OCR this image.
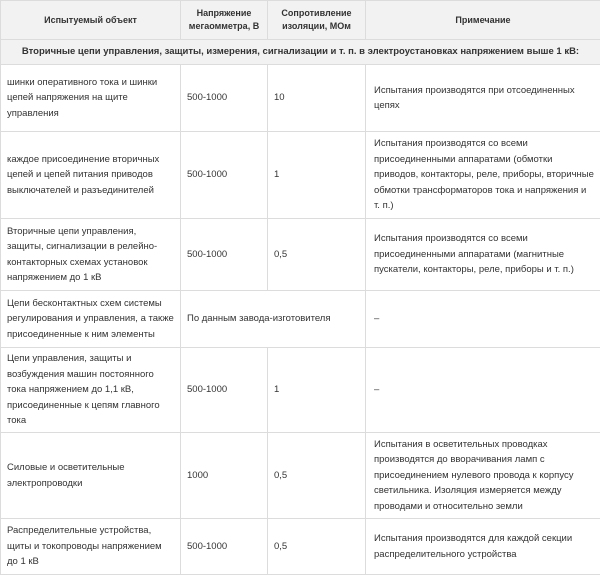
Испытуемый объект	Напряжение мегаомметра, В	Сопротивление изоляции, МОм	Примечание
Вторичные цепи управления, защиты, измерения, сигнализации и т. п. в электроустановках напряжением выше 1 кВ:			
шинки оперативного тока и шинки цепей напряжения на щите управления	500-1000	10	Испытания производятся при отсоединенных цепях
каждое присоединение вторичных цепей и цепей питания приводов выключателей и разъединителей	500-1000	1	Испытания производятся со всеми присоединенными аппаратами (обмотки приводов, контакторы, реле, приборы, вторичные обмотки трансформаторов тока и напряжения и т. п.)
Вторичные цепи управления, защиты, сигнализации в релейно-контакторных схемах установок напряжением до 1 кВ	500-1000	0,5	Испытания производятся со всеми присоединенными аппаратами (магнитные пускатели, контакторы, реле, приборы и т. п.)
Цепи бесконтактных схем системы регулирования и управления, а также присоединенные к ним элементы	По данным завода-изготовителя		–
Цепи управления, защиты и возбуждения машин постоянного тока напряжением до 1,1 кВ, присоединенные к цепям главного тока	500-1000	1	–
Силовые и осветительные электропроводки	1000	0,5	Испытания в осветительных проводках производятся до вворачивания ламп с присоединением нулевого провода к корпусу светильника. Изоляция измеряется между проводами и относительно земли
Распределительные устройства, щиты и токопроводы напряжением до 1 кВ	500-1000	0,5	Испытания производятся для каждой секции распределительного устройства
